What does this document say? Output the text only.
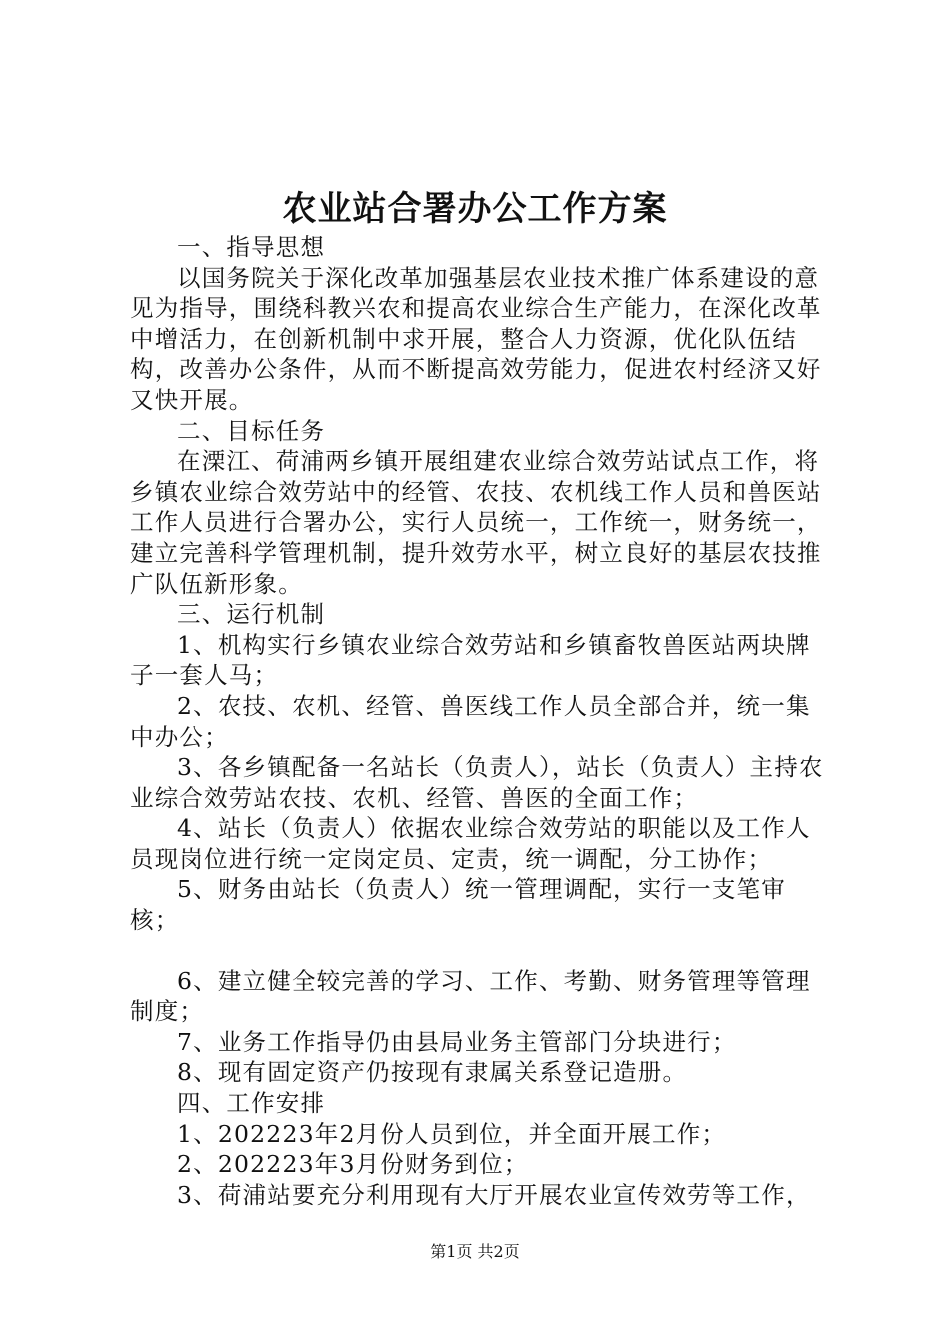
农业站合署办公工作方案

一、指导思想

以国务院关于深化改革加强基层农业技术推广体系建设的意见为指导，围绕科教兴农和提高农业综合生产能力，在深化改革中增活力，在创新机制中求开展，整合人力资源，优化队伍结构，改善办公条件，从而不断提高效劳能力，促进农村经济又好又快开展。

二、目标任务

在溧江、荷浦两乡镇开展组建农业综合效劳站试点工作，将乡镇农业综合效劳站中的经管、农技、农机线工作人员和兽医站工作人员进行合署办公，实行人员统一，工作统一，财务统一，建立完善科学管理机制，提升效劳水平，树立良好的基层农技推广队伍新形象。

三、运行机制

1、机构实行乡镇农业综合效劳站和乡镇畜牧兽医站两块牌子一套人马；

2、农技、农机、经管、兽医线工作人员全部合并，统一集中办公；

3、各乡镇配备一名站长（负责人），站长（负责人）主持农业综合效劳站农技、农机、经管、兽医的全面工作；

4、站长（负责人）依据农业综合效劳站的职能以及工作人员现岗位进行统一定岗定员、定责，统一调配，分工协作；

5、财务由站长（负责人）统一管理调配，实行一支笔审核；

6、建立健全较完善的学习、工作、考勤、财务管理等管理制度；

7、业务工作指导仍由县局业务主管部门分块进行；

8、现有固定资产仍按现有隶属关系登记造册。

四、工作安排

1、202223年2月份人员到位，并全面开展工作；

2、202223年3月份财务到位；

3、荷浦站要充分利用现有大厅开展农业宣传效劳等工作，

第1页 共2页
